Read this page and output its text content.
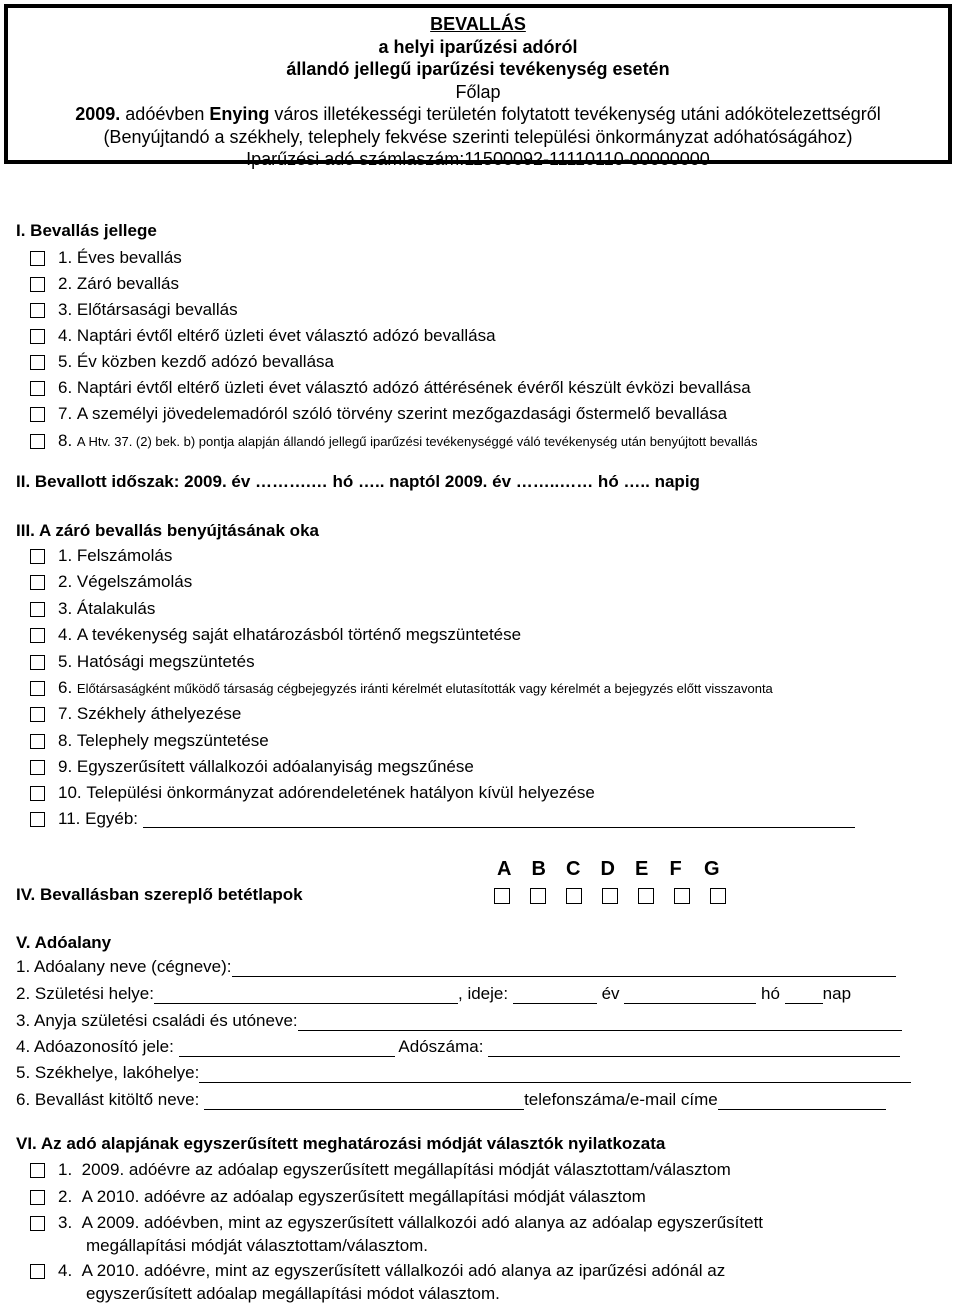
BEVALLÁS
a helyi iparűzési adóról
állandó jellegű iparűzési tevékenység esetén
Főlap
2009. adóévben Enying város illetékességi területén folytatott tevékenység utáni adókötelezettségről
(Benyújtandó a székhely, telephely fekvése szerinti települési önkormányzat adóhatóságához)
Iparűzési adó számlaszám:11500092-11110110-00000000
I. Bevallás jellege
1.
Éves bevallás
2.
Záró bevallás
3.
Előtársasági bevallás
4.
Naptári évtől eltérő üzleti évet választó adózó bevallása
5.
Év közben kezdő adózó bevallása
6.
Naptári évtől eltérő üzleti évet választó adózó áttérésének évéről készült évközi bevallása
7.
A személyi jövedelemadóról szóló törvény szerint mezőgazdasági őstermelő bevallása
8.
A Htv. 37. (2) bek. b) pontja alapján állandó jellegű iparűzési tevékenységgé váló tevékenység után benyújtott bevallás
II. Bevallott időszak: 2009. év ……….… hó ….. naptól 2009. év ……..…… hó ….. napig
III. A záró bevallás benyújtásának oka
1.
Felszámolás
2.
Végelszámolás
3.
Átalakulás
4.
A tevékenység saját elhatározásból történő megszüntetése
5.
Hatósági megszüntetés
6.
Előtársaságként működő társaság cégbejegyzés iránti kérelmét elutasították vagy kérelmét a bejegyzés előtt visszavonta
7.
Székhely áthelyezése
8.
Telephely megszüntetése
9.
Egyszerűsített vállalkozói adóalanyiság megszűnése
10.
Települési önkormányzat adórendeletének hatályon kívül helyezése
11.
Egyéb:

A B C D E F G
IV. Bevallásban szereplő betétlapok
V. Adóalany
1. Adóalany neve (cégneve):
2. Születési helye:	, ideje:	év	hó	nap
3. Anyja születési családi és utóneve:
4. Adóazonosító jele:	Adószáma:
5. Székhelye, lakóhelye:
6. Bevallást kitöltő neve:	telefonszáma/e-mail címe
VI. Az adó alapjának egyszerűsített meghatározási módját választók nyilatkozata
1.
2009. adóévre az adóalap egyszerűsített megállapítási módját választottam/választom
2.
A 2010. adóévre az adóalap egyszerűsített megállapítási módját választom
3.
A 2009. adóévben, mint az egyszerűsített vállalkozói adó alanya az adóalap egyszerűsített
megállapítási módját választottam/választom.
4.
A 2010. adóévre, mint az egyszerűsített vállalkozói adó alanya az iparűzési adónál az
egyszerűsített adóalap megállapítási módot választom.
